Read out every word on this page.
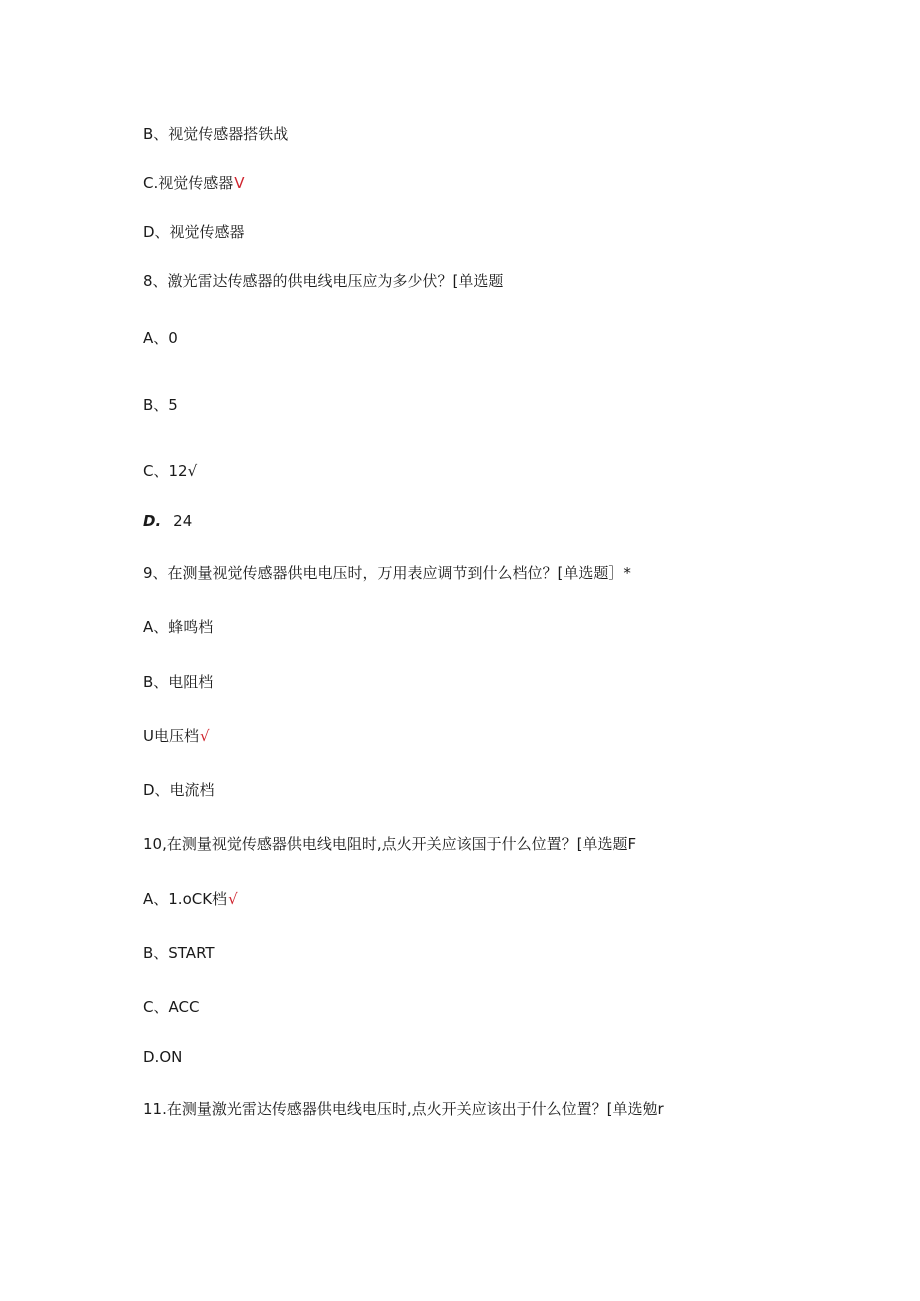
B、视觉传感器搭铁战
C.视觉传感器V
D、视觉传感器
8、激光雷达传感器的供电线电压应为多少伏？[单选题
A、0
B、5
C、12√
D. 24
9、在测量视觉传感器供电电压时，万用表应调节到什么档位？[单选题］*
A、蜂鸣档
B、电阻档
U电压档√
D、电流档
10,在测量视觉传感器供电线电阻时,点火开关应该国于什么位置？[单选题F
A、1.oCK档√
B、START
C、ACC
D.ON
11.在测量激光雷达传感器供电线电压时,点火开关应该出于什么位置？[单选勉r
